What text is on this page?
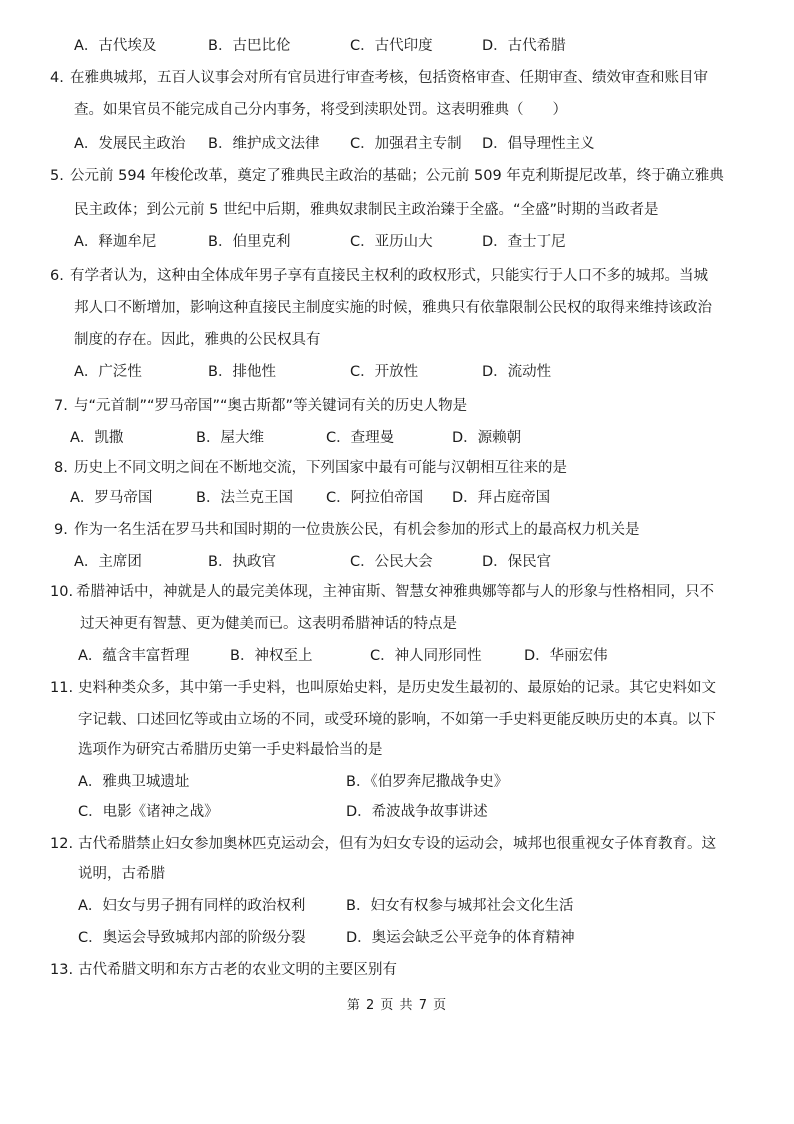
A．古代埃及	B．古巴比伦	C．古代印度	D．古代希腊
4. 在雅典城邦，五百人议事会对所有官员进行审查考核，包括资格审查、任期审查、绩效审查和账目审
查。如果官员不能完成自己分内事务，将受到渎职处罚。这表明雅典（　　）
A．发展民主政治 B．维护成文法律 C．加强君主专制 D．倡导理性主义
5. 公元前 594 年梭伦改革，奠定了雅典民主政治的基础；公元前 509 年克利斯提尼改革，终于确立雅典
民主政体；到公元前 5 世纪中后期，雅典奴隶制民主政治臻于全盛。“全盛”时期的当政者是
A．释迦牟尼	B．伯里克利	C．亚历山大	D．查士丁尼
6. 有学者认为，这种由全体成年男子享有直接民主权利的政权形式，只能实行于人口不多的城邦。当城
邦人口不断增加，影响这种直接民主制度实施的时候，雅典只有依靠限制公民权的取得来维持该政治
制度的存在。因此，雅典的公民权具有
A．广泛性	B．排他性	C．开放性	D．流动性
7. 与“元首制”“罗马帝国”“奥古斯都”等关键词有关的历史人物是
A．凯撒	B．屋大维	C．查理曼	D．源赖朝
8. 历史上不同文明之间在不断地交流，下列国家中最有可能与汉朝相互往来的是
A．罗马帝国	B．法兰克王国 C．阿拉伯帝国 D．拜占庭帝国
9. 作为一名生活在罗马共和国时期的一位贵族公民，有机会参加的形式上的最高权力机关是
A．主席团	B．执政官	C．公民大会	D．保民官
10. 希腊神话中，神就是人的最完美体现，主神宙斯、智慧女神雅典娜等都与人的形象与性格相同，只不
过天神更有智慧、更为健美而已。这表明希腊神话的特点是
A．蕴含丰富哲理	B．神权至上	C．神人同形同性	D．华丽宏伟
11. 史料种类众多，其中第一手史料，也叫原始史料，是历史发生最初的、最原始的记录。其它史料如文
字记载、口述回忆等或由立场的不同，或受环境的影响，不如第一手史料更能反映历史的本真。以下
选项作为研究古希腊历史第一手史料最恰当的是
A．雅典卫城遗址	B．《伯罗奔尼撒战争史》
C．电影《诸神之战》	D．希波战争故事讲述
12. 古代希腊禁止妇女参加奥林匹克运动会，但有为妇女专设的运动会，城邦也很重视女子体育教育。这
说明，古希腊
A．妇女与男子拥有同样的政治权利	B．妇女有权参与城邦社会文化生活
C．奥运会导致城邦内部的阶级分裂	D．奥运会缺乏公平竞争的体育精神
13. 古代希腊文明和东方古老的农业文明的主要区别有
第 2 页 共 7 页
